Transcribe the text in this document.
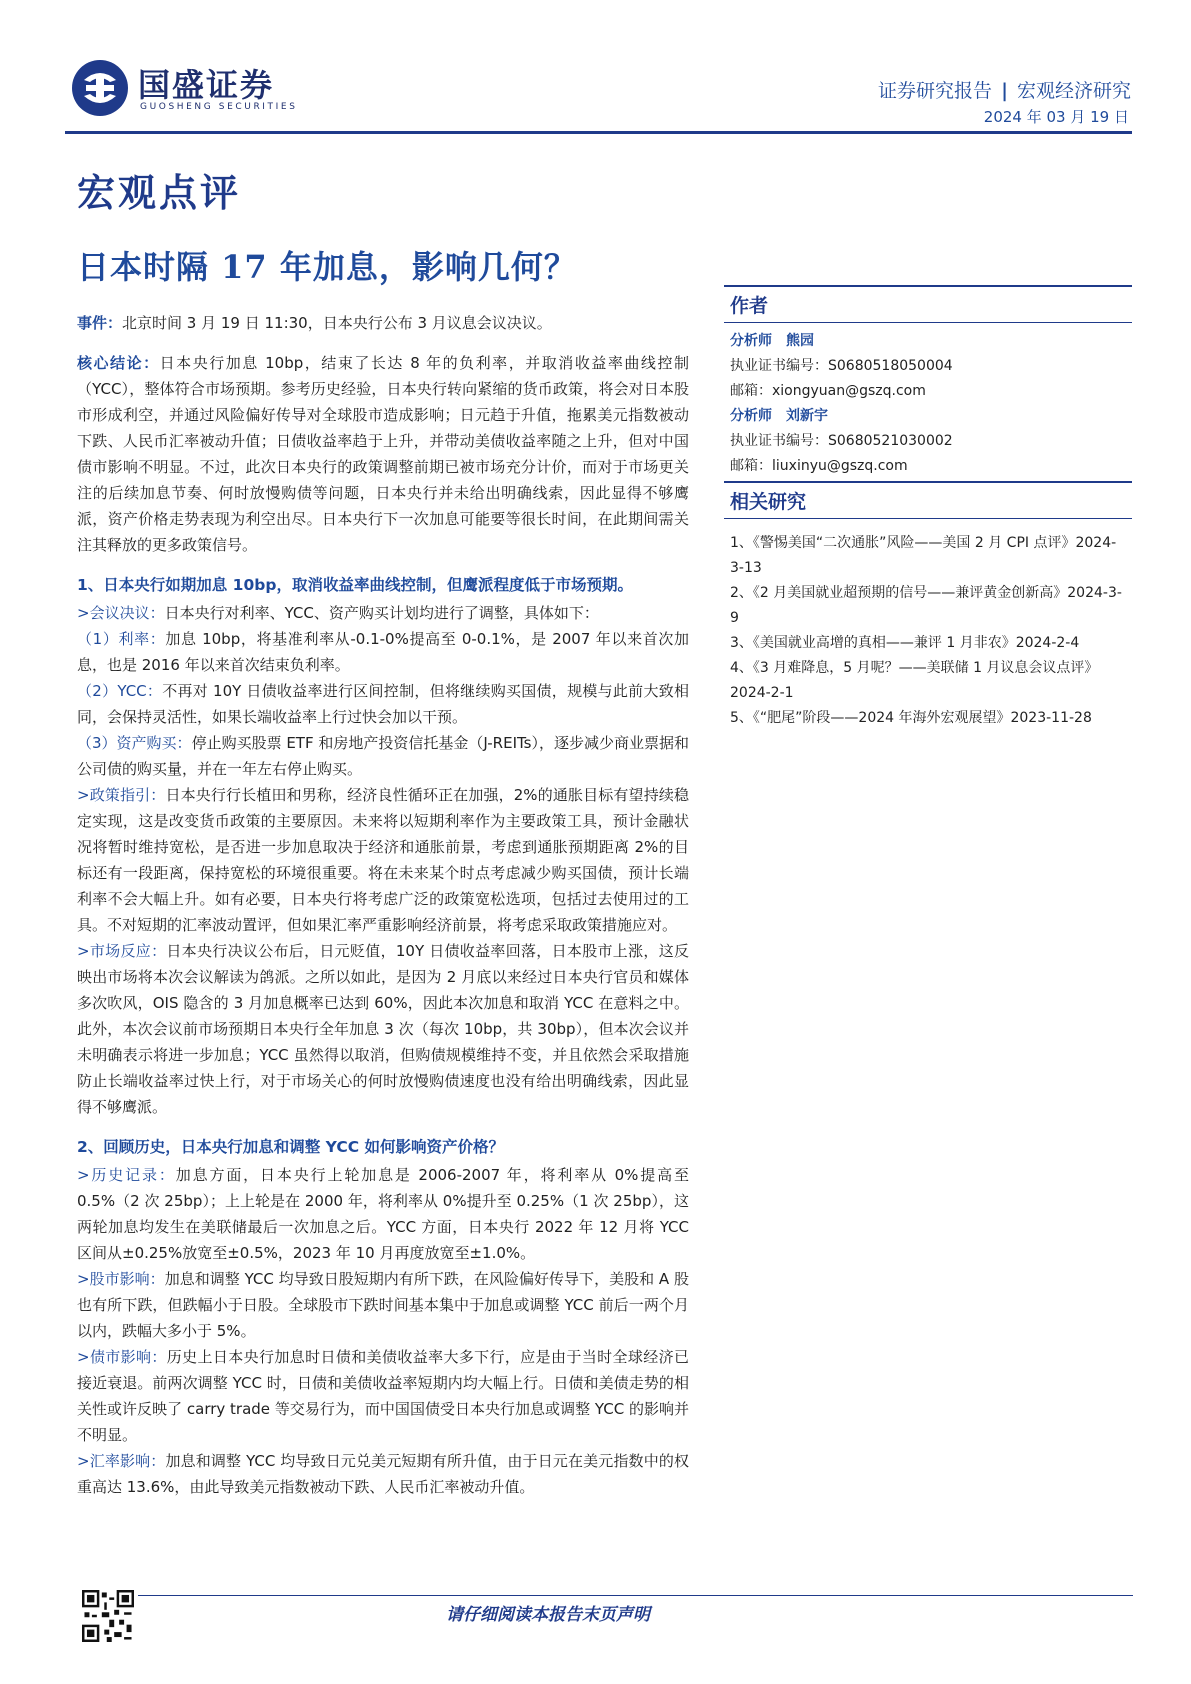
国盛证券
GUOSHENG SECURITIES
证券研究报告 | 宏观经济研究
2024 年 03 月 19 日
宏观点评
日本时隔 17 年加息，影响几何？

事件：北京时间 3 月 19 日 11:30，日本央行公布 3 月议息会议决议。

核心结论：日本央行加息 10bp，结束了长达 8 年的负利率，并取消收益率曲线控制（YCC），整体符合市场预期。参考历史经验，日本央行转向紧缩的货币政策，将会对日本股市形成利空，并通过风险偏好传导对全球股市造成影响；日元趋于升值，拖累美元指数被动下跌、人民币汇率被动升值；日债收益率趋于上升，并带动美债收益率随之上升，但对中国债市影响不明显。不过，此次日本央行的政策调整前期已被市场充分计价，而对于市场更关注的后续加息节奏、何时放慢购债等问题，日本央行并未给出明确线索，因此显得不够鹰派，资产价格走势表现为利空出尽。日本央行下一次加息可能要等很长时间，在此期间需关注其释放的更多政策信号。

1、日本央行如期加息 10bp，取消收益率曲线控制，但鹰派程度低于市场预期。

>会议决议：日本央行对利率、YCC、资产购买计划均进行了调整，具体如下：

（1）利率：加息 10bp，将基准利率从-0.1-0%提高至 0-0.1%，是 2007 年以来首次加息，也是 2016 年以来首次结束负利率。

（2）YCC：不再对 10Y 日债收益率进行区间控制，但将继续购买国债，规模与此前大致相同，会保持灵活性，如果长端收益率上行过快会加以干预。

（3）资产购买：停止购买股票 ETF 和房地产投资信托基金（J-REITs），逐步减少商业票据和公司债的购买量，并在一年左右停止购买。

>政策指引：日本央行行长植田和男称，经济良性循环正在加强，2%的通胀目标有望持续稳定实现，这是改变货币政策的主要原因。未来将以短期利率作为主要政策工具，预计金融状况将暂时维持宽松，是否进一步加息取决于经济和通胀前景，考虑到通胀预期距离 2%的目标还有一段距离，保持宽松的环境很重要。将在未来某个时点考虑减少购买国债，预计长端利率不会大幅上升。如有必要，日本央行将考虑广泛的政策宽松选项，包括过去使用过的工具。不对短期的汇率波动置评，但如果汇率严重影响经济前景，将考虑采取政策措施应对。

>市场反应：日本央行决议公布后，日元贬值，10Y 日债收益率回落，日本股市上涨，这反映出市场将本次会议解读为鸽派。之所以如此，是因为 2 月底以来经过日本央行官员和媒体多次吹风，OIS 隐含的 3 月加息概率已达到 60%，因此本次加息和取消 YCC 在意料之中。此外，本次会议前市场预期日本央行全年加息 3 次（每次 10bp，共 30bp），但本次会议并未明确表示将进一步加息；YCC 虽然得以取消，但购债规模维持不变，并且依然会采取措施防止长端收益率过快上行，对于市场关心的何时放慢购债速度也没有给出明确线索，因此显得不够鹰派。

2、回顾历史，日本央行加息和调整 YCC 如何影响资产价格？

>历史记录：加息方面，日本央行上轮加息是 2006-2007 年，将利率从 0%提高至 0.5%（2 次 25bp）；上上轮是在 2000 年，将利率从 0%提升至 0.25%（1 次 25bp），这两轮加息均发生在美联储最后一次加息之后。YCC 方面，日本央行 2022 年 12 月将 YCC 区间从±0.25%放宽至±0.5%，2023 年 10 月再度放宽至±1.0%。

>股市影响：加息和调整 YCC 均导致日股短期内有所下跌，在风险偏好传导下，美股和 A 股也有所下跌，但跌幅小于日股。全球股市下跌时间基本集中于加息或调整 YCC 前后一两个月以内，跌幅大多小于 5%。

>债市影响：历史上日本央行加息时日债和美债收益率大多下行，应是由于当时全球经济已接近衰退。前两次调整 YCC 时，日债和美债收益率短期内均大幅上行。日债和美债走势的相关性或许反映了 carry trade 等交易行为，而中国国债受日本央行加息或调整 YCC 的影响并不明显。

>汇率影响：加息和调整 YCC 均导致日元兑美元短期有所升值，由于日元在美元指数中的权重高达 13.6%，由此导致美元指数被动下跌、人民币汇率被动升值。

作者
分析师 熊园
执业证书编号：S0680518050004
邮箱：xiongyuan@gszq.com
分析师 刘新宇
执业证书编号：S0680521030002
邮箱：liuxinyu@gszq.com
相关研究
1、《警惕美国“二次通胀”风险——美国 2 月 CPI 点评》2024-3-13
2、《2 月美国就业超预期的信号——兼评黄金创新高》2024-3-9
3、《美国就业高增的真相——兼评 1 月非农》2024-2-4
4、《3 月难降息，5 月呢？——美联储 1 月议息会议点评》2024-2-1
5、《“肥尾”阶段——2024 年海外宏观展望》2023-11-28
请仔细阅读本报告末页声明
